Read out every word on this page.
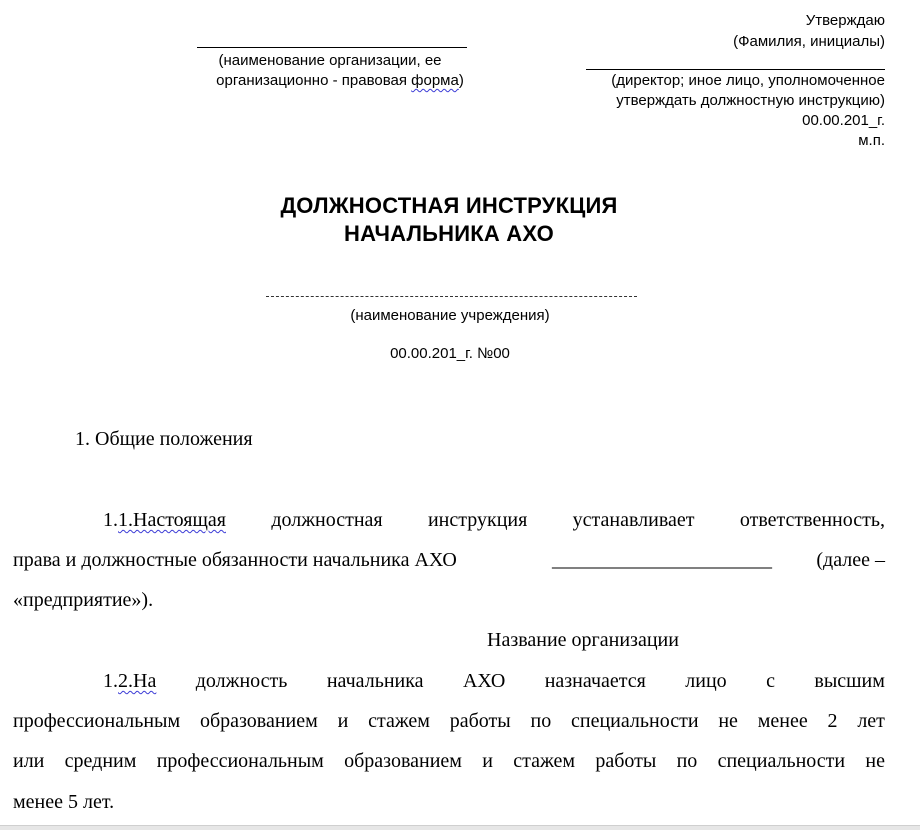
Утверждаю
(Фамилия, инициалы)
(директор; иное лицо, уполномоченное
утверждать должностную инструкцию)
00.00.201_г.
м.п.
(наименование организации, ее
организационно - правовая форма)
ДОЛЖНОСТНАЯ ИНСТРУКЦИЯ
НАЧАЛЬНИКА АХО
(наименование учреждения)
00.00.201_г. №00
1. Общие положения
1.1.Настоящая должностная инструкция устанавливает ответственность,
права и должностные обязанности начальника АХО	______________________ (далее –
«предприятие»).
Название организации
1.2.На должность начальника АХО назначается лицо с высшим
профессиональным образованием и стажем работы по специальности не менее 2 лет
или средним профессиональным образованием и стажем работы по специальности не
менее 5 лет.
